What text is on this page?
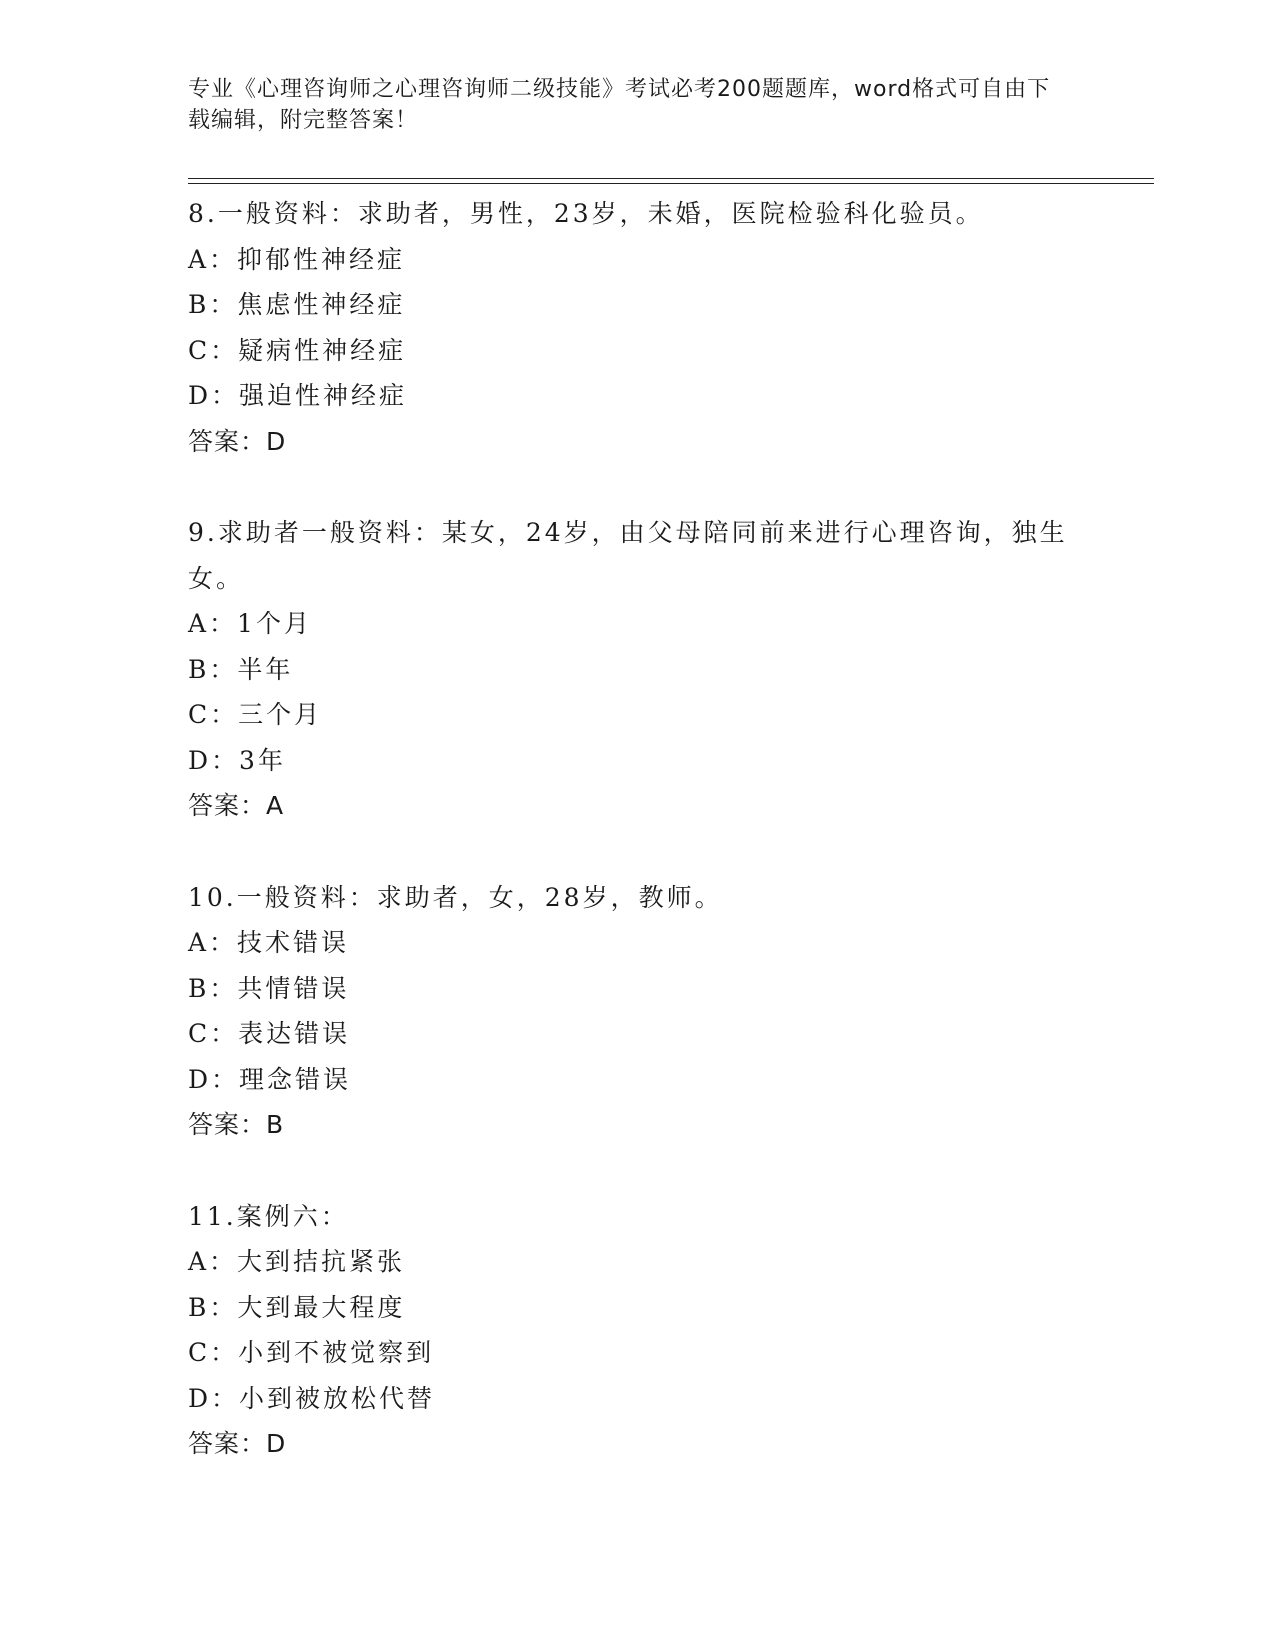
专业《心理咨询师之心理咨询师二级技能》考试必考200题题库，word格式可自由下载编辑，附完整答案！

8.一般资料：求助者，男性，23岁，未婚，医院检验科化验员。

A：抑郁性神经症

B：焦虑性神经症

C：疑病性神经症

D：强迫性神经症

答案：D

9.求助者一般资料：某女，24岁，由父母陪同前来进行心理咨询，独生女。

A：1个月

B：半年

C：三个月

D：3年

答案：A

10.一般资料：求助者，女，28岁，教师。

A：技术错误

B：共情错误

C：表达错误

D：理念错误

答案：B

11.案例六：

A：大到拮抗紧张

B：大到最大程度

C：小到不被觉察到

D：小到被放松代替

答案：D
